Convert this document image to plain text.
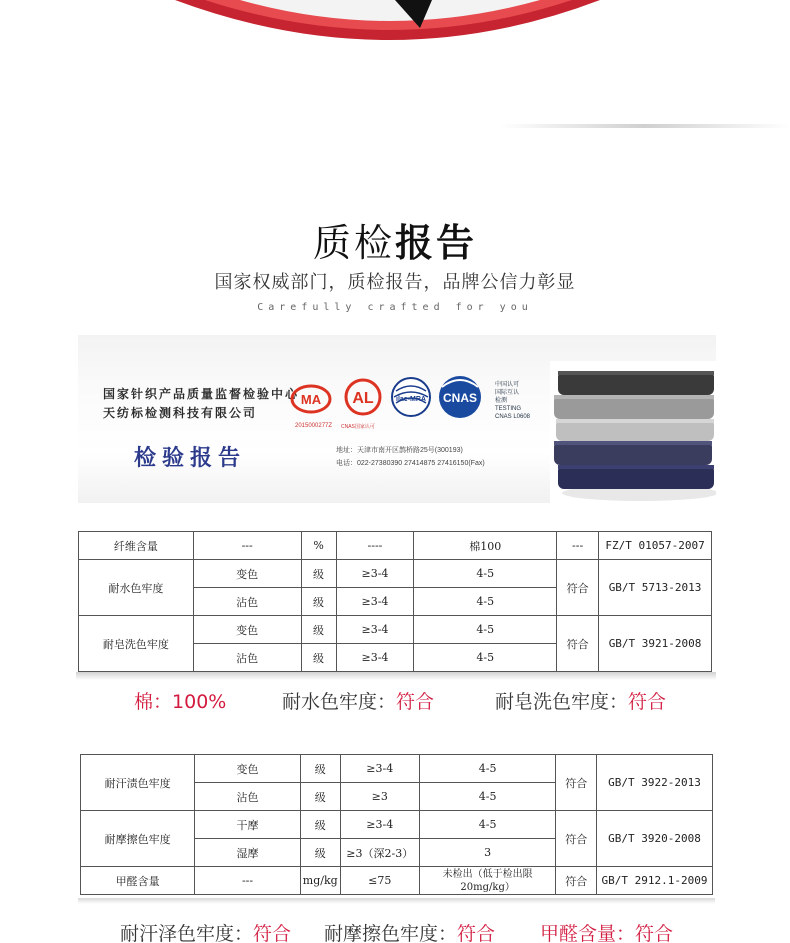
质检报告
国家权威部门，质检报告，品牌公信力彰显
Carefully crafted for you
国家针织产品质量监督检验中心
天纺标检测科技有限公司
检验报告
MA AL	ilac-MRA CNAS
2015000277Z CNAS国家认可
中国认可
国际互认
检测
TESTING
CNAS L0608
地址：天津市南开区鹊桥路25号(300193)
电话：022-27380390 27414875 27416150(Fax)
纤维含量	---	%	----	棉100	---	FZ/T 01057-2007
耐水色牢度	变色	级	≥3-4	4-5	符合	GB/T 5713-2013
	沾色	级	≥3-4	4-5		
耐皂洗色牢度	变色	级	≥3-4	4-5	符合	GB/T 3921-2008
	沾色	级	≥3-4	4-5		
棉：100%	耐水色牢度：符合	耐皂洗色牢度：符合
耐汗渍色牢度	变色	级	≥3-4	4-5	符合	GB/T 3922-2013
	沾色	级	≥3	4-5		
耐摩擦色牢度	干摩	级	≥3-4	4-5	符合	GB/T 3920-2008
	湿摩	级	≥3（深2-3）	3		
甲醛含量	---	mg/kg	≤75	未检出（低于检出限20mg/kg）	符合	GB/T 2912.1-2009
耐汗泽色牢度：符合 耐摩擦色牢度：符合 甲醛含量：符合
